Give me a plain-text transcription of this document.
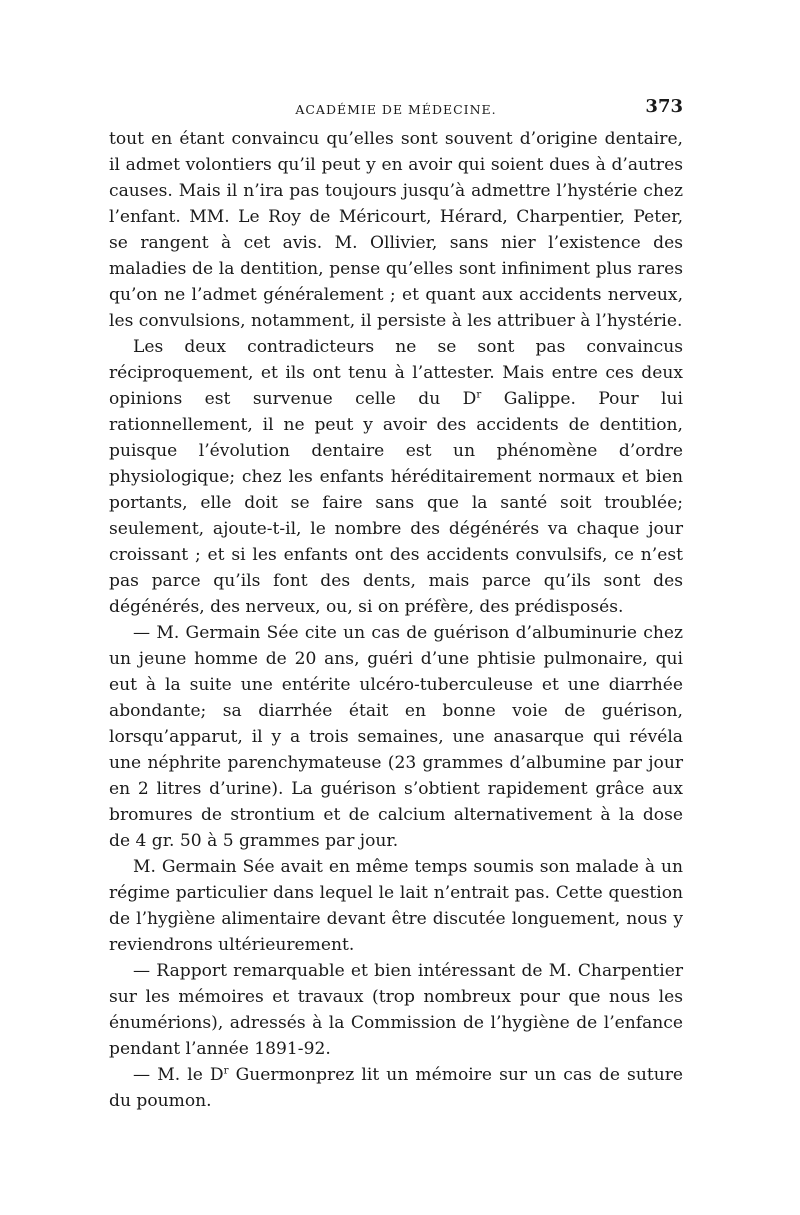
ACADÉMIE DE MÉDECINE.	373

tout en étant convaincu qu’elles sont souvent d’origine dentaire, il admet volontiers qu’il peut y en avoir qui soient dues à d’autres causes. Mais il n’ira pas toujours jusqu’à admettre l’hystérie chez l’enfant. MM. Le Roy de Méricourt, Hérard, Charpentier, Peter, se rangent à cet avis. M. Ollivier, sans nier l’existence des maladies de la dentition, pense qu’elles sont infiniment plus rares qu’on ne l’admet généralement ; et quant aux accidents nerveux, les convulsions, notamment, il persiste à les attribuer à l’hystérie.

Les deux contradicteurs ne se sont pas convaincus réciproquement, et ils ont tenu à l’attester. Mais entre ces deux opinions est survenue celle du $D^r$ Galippe. Pour lui rationnellement, il ne peut y avoir des accidents de dentition, puisque l’évolution dentaire est un phénomène d’ordre physiologique; chez les enfants héréditairement normaux et bien portants, elle doit se faire sans que la santé soit troublée; seulement, ajoute-t-il, le nombre des dégénérés va chaque jour croissant ; et si les enfants ont des accidents convulsifs, ce n’est pas parce qu’ils font des dents, mais parce qu’ils sont des dégénérés, des nerveux, ou, si on préfère, des prédisposés.

— M. Germain Sée cite un cas de guérison d’albuminurie chez un jeune homme de 20 ans, guéri d’une phtisie pulmonaire, qui eut à la suite une entérite ulcéro-tuberculeuse et une diarrhée abondante; sa diarrhée était en bonne voie de guérison, lorsqu’apparut, il y a trois semaines, une anasarque qui révéla une néphrite parenchymateuse (23 grammes d’albumine par jour en 2 litres d’urine). La guérison s’obtient rapidement grâce aux bromures de strontium et de calcium alternativement à la dose de 4 gr. 50 à 5 grammes par jour.

M. Germain Sée avait en même temps soumis son malade à un régime particulier dans lequel le lait n’entrait pas. Cette question de l’hygiène alimentaire devant être discutée longuement, nous y reviendrons ultérieurement.

— Rapport remarquable et bien intéressant de M. Charpentier sur les mémoires et travaux (trop nombreux pour que nous les énumérions), adressés à la Commission de l’hygiène de l’enfance pendant l’année 1891-92.

— M. le $D^r$ Guermonprez lit un mémoire sur un cas de suture du poumon.
